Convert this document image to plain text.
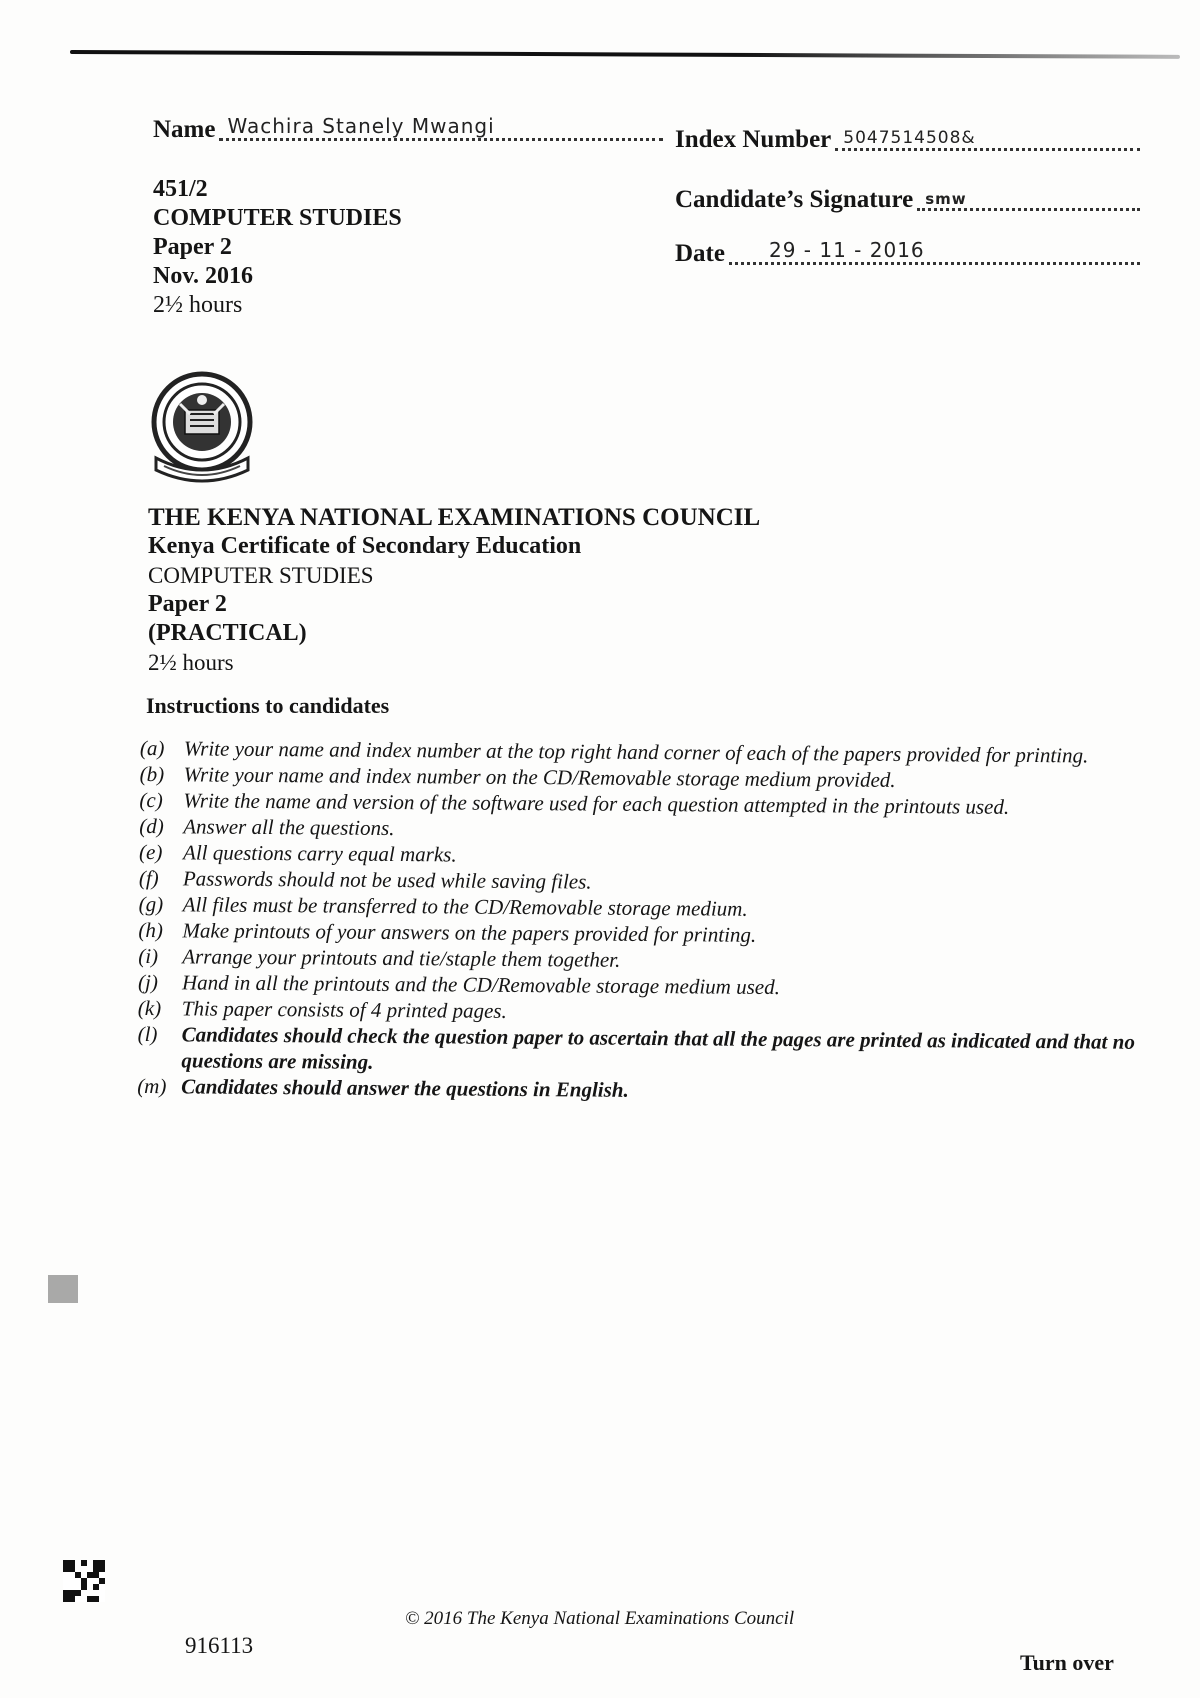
Name Wachira Stanely Mwangi	Index Number 5047514508&
Candidate’s Signature smw
Date 29 - 11 - 2016
451/2
COMPUTER STUDIES
Paper 2
Nov. 2016
2½ hours
THE KENYA NATIONAL EXAMINATIONS COUNCIL
Kenya Certificate of Secondary Education
COMPUTER STUDIES
Paper 2
(PRACTICAL)
2½ hours
Instructions to candidates
(a) Write your name and index number at the top right hand corner of each of the papers provided for printing.
(b) Write your name and index number on the CD/Removable storage medium provided.
(c) Write the name and version of the software used for each question attempted in the printouts used.
(d) Answer all the questions.
(e) All questions carry equal marks.
(f)	Passwords should not be used while saving files.
(g) All files must be transferred to the CD/Removable storage medium.
(h) Make printouts of your answers on the papers provided for printing.
(i)	Arrange your printouts and tie/staple them together.
(j)	Hand in all the printouts and the CD/Removable storage medium used.
(k) This paper consists of 4 printed pages.
(l)	Candidates should check the question paper to ascertain that all the pages are printed as indicated and that no questions are missing.
(m) Candidates should answer the questions in English.
© 2016 The Kenya National Examinations Council
916113
Turn over
